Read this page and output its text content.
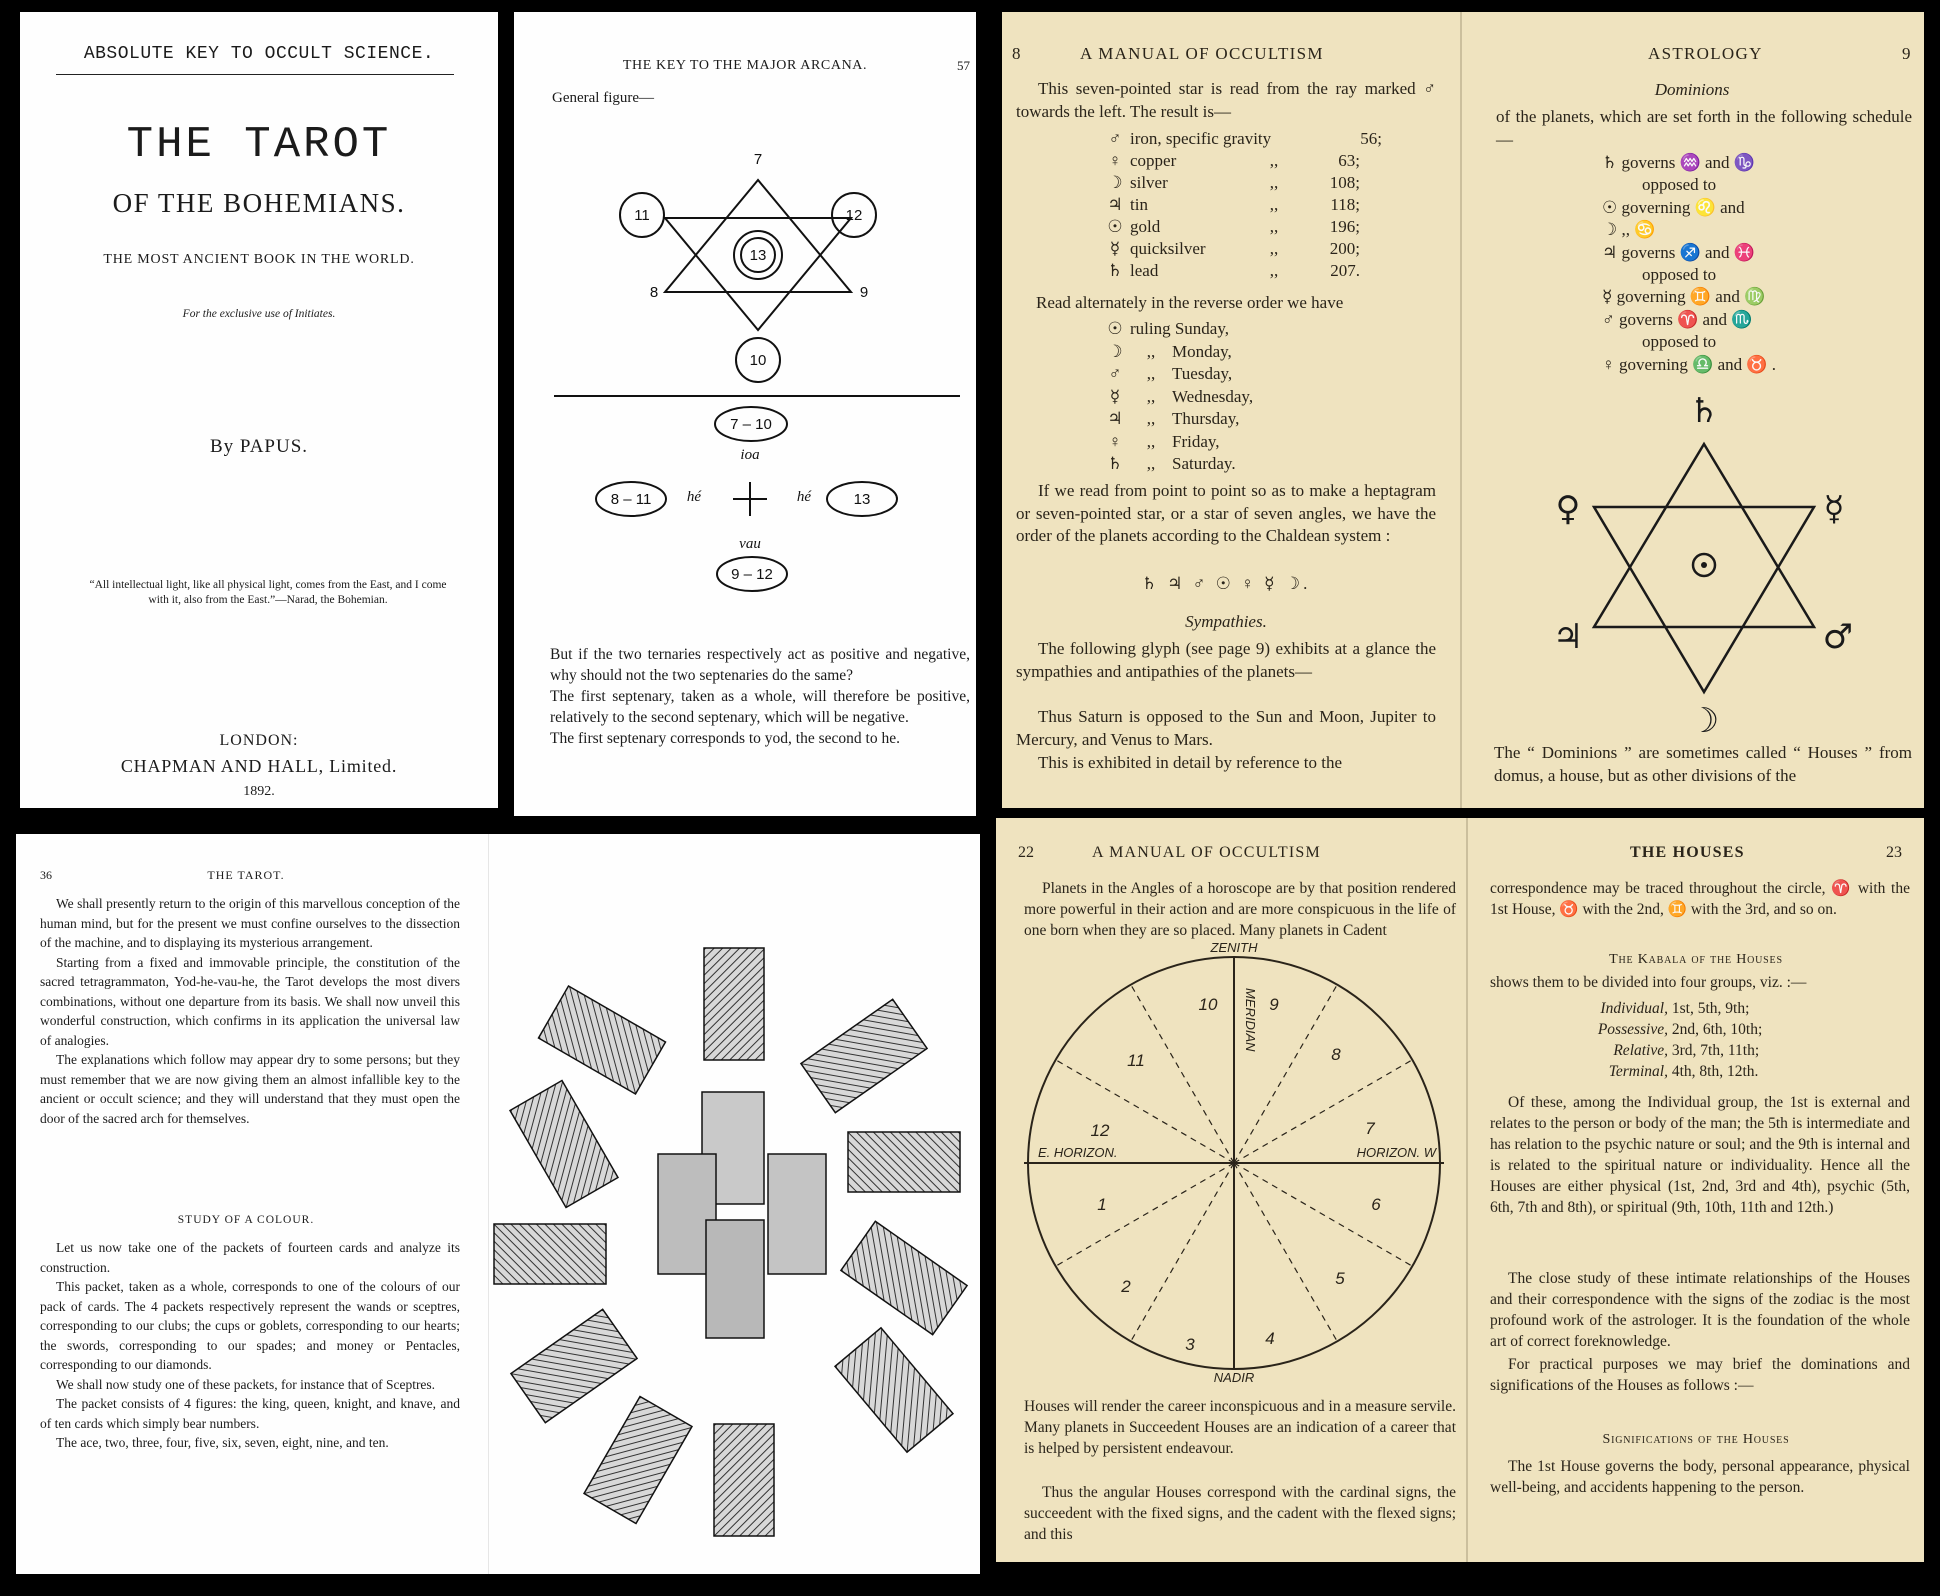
ABSOLUTE KEY TO OCCULT SCIENCE.
THE TAROT
OF THE BOHEMIANS.
THE MOST ANCIENT BOOK IN THE WORLD.
For the exclusive use of Initiates.
By PAPUS.
“All intellectual light, like all physical light, comes from the East, and I come with it, also from the East.”—Narad, the Bohemian.
LONDON:
CHAPMAN AND HALL, Limited.
1892.
THE KEY TO THE MAJOR ARCANA.	57
General figure—
7
8	9
11	12
13
10
7 – 10
8 – 11	13
9 – 12
ioa
hé	hé
vau
But if the two ternaries respectively act as positive and negative, why should not the two septenaries do the same?
The first septenary, taken as a whole, will therefore be positive, relatively to the second septenary, which will be negative.
The first septenary corresponds to yod, the second to he.
8	A MANUAL OF OCCULTISM
This seven-pointed star is read from the ray marked ♂ towards the left. The result is—
♂ iron, specific gravity	56;
♀ copper	,,	63;
☽ silver	,,	108;
♃ tin	,,	118;
☉ gold	,,	196;
☿ quicksilver	,,	200;
♄ lead	,,	207.
Read alternately in the reverse order we have
☉ ruling Sunday,
☽	,, Monday,
♂	,, Tuesday,
☿	,, Wednesday,
♃	,, Thursday,
♀	,, Friday,
♄	,, Saturday.
If we read from point to point so as to make a heptagram or seven-pointed star, or a star of seven angles, we have the order of the planets according to the Chaldean system :
♄ ♃ ♂ ☉ ♀ ☿ ☽.
Sympathies.
The following glyph (see page 9) exhibits at a glance the sympathies and antipathies of the planets—
Thus Saturn is opposed to the Sun and Moon, Jupiter to Mercury, and Venus to Mars.
This is exhibited in detail by reference to the
ASTROLOGY	9
Dominions
of the planets, which are set forth in the following schedule—
♄ governs ♒ and ♑
opposed to
☉ governing ♌ and
☽ ,, ♋
♃ governs ♐ and ♓
opposed to
☿ governing ♊ and ♍
♂ governs ♈ and ♏
opposed to
♀ governing ♎ and ♉ .
♄
♀	☿
♃	♂
☽
The “ Dominions ” are sometimes called “ Houses ” from domus, a house, but as other divisions of the
36	THE TAROT.
We shall presently return to the origin of this marvellous conception of the human mind, but for the present we must confine ourselves to the dissection of the machine, and to displaying its mysterious arrangement.
Starting from a fixed and immovable principle, the constitution of the sacred tetragrammaton, Yod-he-vau-he, the Tarot develops the most divers combinations, without one departure from its basis. We shall now unveil this wonderful construction, which confirms in its application the universal law of analogies.
The explanations which follow may appear dry to some persons; but they must remember that we are now giving them an almost infallible key to the ancient or occult science; and they will understand that they must open the door of the sacred arch for themselves.
STUDY OF A COLOUR.
Let us now take one of the packets of fourteen cards and analyze its construction.
This packet, taken as a whole, corresponds to one of the colours of our pack of cards. The 4 packets respectively represent the wands or sceptres, corresponding to our clubs; the cups or goblets, corresponding to our hearts; the swords, corresponding to our spades; and money or Pentacles, corresponding to our diamonds.
We shall now study one of these packets, for instance that of Sceptres.
The packet consists of 4 figures: the king, queen, knight, and knave, and of ten cards which simply bear numbers.
The ace, two, three, four, five, six, seven, eight, nine, and ten.
22	A MANUAL OF OCCULTISM
Planets in the Angles of a horoscope are by that position rendered more powerful in their action and are more conspicuous in the life of one born when they are so placed. Many planets in Cadent
ZENITH
NADIR
E. HORIZON.	HORIZON. W
MERIDIAN
1
2
3	4
5
6
7
8
9
10
11
12
Houses will render the career inconspicuous and in a measure servile. Many planets in Succeedent Houses are an indication of a career that is helped by persistent endeavour.
Thus the angular Houses correspond with the cardinal signs, the succeedent with the fixed signs, and the cadent with the flexed signs; and this
THE HOUSES	23
correspondence may be traced throughout the circle, ♈ with the 1st House, ♉ with the 2nd, ♊ with the 3rd, and so on.
The Kabala of the Houses
shows them to be divided into four groups, viz. :—
Individual, 1st, 5th, 9th;
Possessive, 2nd, 6th, 10th;
Relative, 3rd, 7th, 11th;
Terminal, 4th, 8th, 12th.
Of these, among the Individual group, the 1st is external and relates to the person or body of the man; the 5th is intermediate and has relation to the psychic nature or soul; and the 9th is internal and is related to the spiritual nature or individuality. Hence all the Houses are either physical (1st, 2nd, 3rd and 4th), psychic (5th, 6th, 7th and 8th), or spiritual (9th, 10th, 11th and 12th.)
The close study of these intimate relationships of the Houses and their correspondence with the signs of the zodiac is the most profound work of the astrologer. It is the foundation of the whole art of correct foreknowledge.
For practical purposes we may brief the dominations and significations of the Houses as follows :—
Significations of the Houses
The 1st House governs the body, personal appearance, physical well-being, and accidents happening to the person.
